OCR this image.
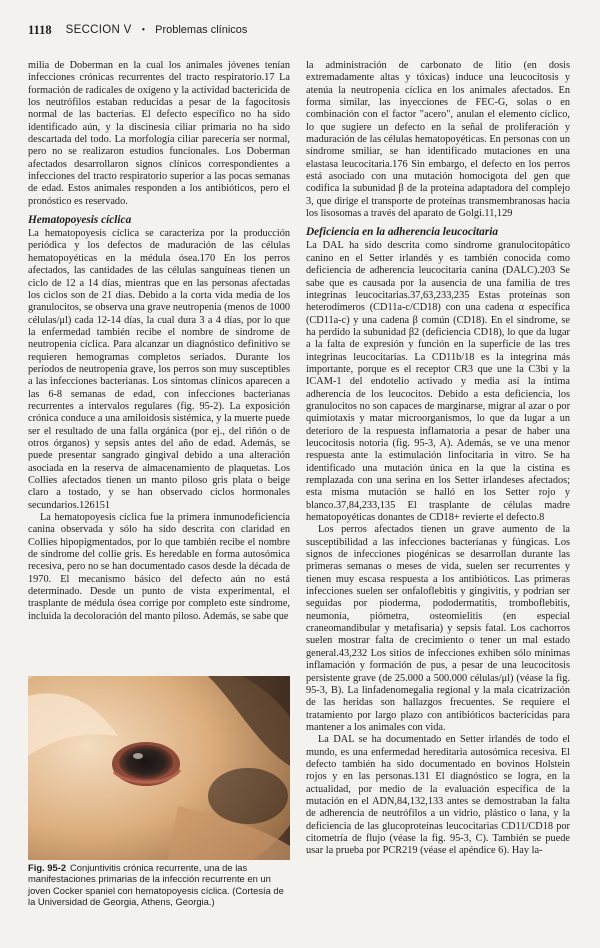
1118 SECCION V • Problemas clínicos

milia de Doberman en la cual los animales jóvenes tenían infecciones crónicas recurrentes del tracto respiratorio.17 La formación de radicales de oxígeno y la actividad bactericida de los neutrófilos estaban reducidas a pesar de la fagocitosis normal de las bacterias. El defecto específico no ha sido identificado aún, y la discinesia ciliar primaria no ha sido descartada del todo. La morfología ciliar parecería ser normal, pero no se realizaron estudios funcionales. Los Doberman afectados desarrollaron signos clínicos correspondientes a infecciones del tracto respiratorio superior a las pocas semanas de edad. Estos animales responden a los antibióticos, pero el pronóstico es reservado.

Hematopoyesis cíclica

La hematopoyesis cíclica se caracteriza por la producción periódica y los defectos de maduración de las células hematopoyéticas en la médula ósea.170 En los perros afectados, las cantidades de las células sanguíneas tienen un ciclo de 12 a 14 días, mientras que en las personas afectadas los ciclos son de 21 días. Debido a la corta vida media de los granulocitos, se observa una grave neutropenia (menos de 1000 células/μl) cada 12-14 días, la cual dura 3 a 4 días, por lo que la enfermedad también recibe el nombre de síndrome de neutropenia cíclica. Para alcanzar un diagnóstico definitivo se requieren hemogramas completos seriados. Durante los períodos de neutropenia grave, los perros son muy susceptibles a las infecciones bacterianas. Los síntomas clínicos aparecen a las 6-8 semanas de edad, con infecciones bacterianas recurrentes a intervalos regulares (fig. 95-2). La exposición crónica conduce a una amiloidosis sistémica, y la muerte puede ser el resultado de una falla orgánica (por ej., del riñón o de otros órganos) y sepsis antes del año de edad. Además, se puede presentar sangrado gingival debido a una alteración asociada en la reserva de almacenamiento de plaquetas. Los Collies afectados tienen un manto piloso gris plata o beige claro a tostado, y se han observado ciclos hormonales secundarios.126151

La hematopoyesis cíclica fue la primera inmunodeficiencia canina observada y sólo ha sido descrita con claridad en Collies hipopigmentados, por lo que también recibe el nombre de síndrome del collie gris. Es heredable en forma autosómica recesiva, pero no se han documentado casos desde la década de 1970. El mecanismo básico del defecto aún no está determinado. Desde un punto de vista experimental, el trasplante de médula ósea corrige por completo este síndrome, incluida la decoloración del manto piloso. Además, se sabe que

Fig. 95-2 Conjuntivitis crónica recurrente, una de las manifestaciones primarias de la infección recurrente en un joven Cocker spaniel con hematopoyesis cíclica. (Cortesía de la Universidad de Georgia, Athens, Georgia.)

la administración de carbonato de litio (en dosis extremadamente altas y tóxicas) induce una leucocitosis y atenúa la neutropenia cíclica en los animales afectados. En forma similar, las inyecciones de FEC-G, solas o en combinación con el factor "acero", anulan el elemento cíclico, lo que sugiere un defecto en la señal de proliferación y maduración de las células hematopoyéticas. En personas con un síndrome smiliar, se han identificado mutaciones en una elastasa leucocitaria.176 Sin embargo, el defecto en los perros está asociado con una mutación homocigota del gen que codifica la subunidad β de la proteína adaptadora del complejo 3, que dirige el transporte de proteínas transmembranosas hacia los lisosomas a través del aparato de Golgi.11,129

Deficiencia en la adherencia leucocitaria

La DAL ha sido descrita como síndrome granulocitopático canino en el Setter irlandés y es también conocida como deficiencia de adherencia leucocitaria canina (DALC).203 Se sabe que es causada por la ausencia de una familia de tres integrinas leucocitarias.37,63,233,235 Estas proteínas son heterodímeros (CD11a-c/CD18) con una cadena α específica (CD11a-c) y una cadena β común (CD18). En el síndrome, se ha perdido la subunidad β2 (deficiencia CD18), lo que da lugar a la falta de expresión y función en la superficie de las tres integrinas leucocitarias. La CD11b/18 es la integrina más importante, porque es el receptor CR3 que une la C3bi y la ICAM-1 del endotelio activado y media así la íntima adherencia de los leucocitos. Debido a esta deficiencia, los granulocitos no son capaces de marginarse, migrar al azar o por quimiotaxis y matar microorganismos, lo que da lugar a un deterioro de la respuesta inflamatoria a pesar de haber una leucocitosis notoria (fig. 95-3, A). Además, se ve una menor respuesta ante la estimulación linfocitaria in vitro. Se ha identificado una mutación única en la que la cistina es remplazada con una serina en los Setter irlandeses afectados; esta misma mutación se halló en los Setter rojo y blanco.37,84,233,135 El trasplante de células madre hematopoyéticas donantes de CD18+ revierte el defecto.8

Los perros afectados tienen un grave aumento de la susceptibilidad a las infecciones bacterianas y fúngicas. Los signos de infecciones piogénicas se desarrollan durante las primeras semanas o meses de vida, suelen ser recurrentes y tienen muy escasa respuesta a los antibióticos. Las primeras infecciones suelen ser onfaloflebitis y gingivitis, y podrían ser seguidas por pioderma, pododermatitis, tromboflebitis, neumonía, piómetra, osteomielitis (en especial craneomandibular y metafisaria) y sepsis fatal. Los cachorros suelen mostrar falta de crecimiento o tener un mal estado general.43,232 Los sitios de infecciones exhiben sólo mínimas inflamación y formación de pus, a pesar de una leucocitosis persistente grave (de 25.000 a 500.000 células/μl) (véase la fig. 95-3, B). La linfadenomegalia regional y la mala cicatrización de las heridas son hallazgos frecuentes. Se requiere el tratamiento por largo plazo con antibióticos bactericidas para mantener a los animales con vida.

La DAL se ha documentado en Setter irlandés de todo el mundo, es una enfermedad hereditaria autosómica recesiva. El defecto también ha sido documentado en bovinos Holstein rojos y en las personas.131 El diagnóstico se logra, en la actualidad, por medio de la evaluación específica de la mutación en el ADN,84,132,133 antes se demostraban la falta de adherencia de neutrófilos a un vidrio, plástico o lana, y la deficiencia de las glucoproteínas leucocitarias CD11/CD18 por citometría de flujo (véase la fig. 95-3, C). También se puede usar la prueba por PCR219 (véase el apéndice 6). Hay la-
